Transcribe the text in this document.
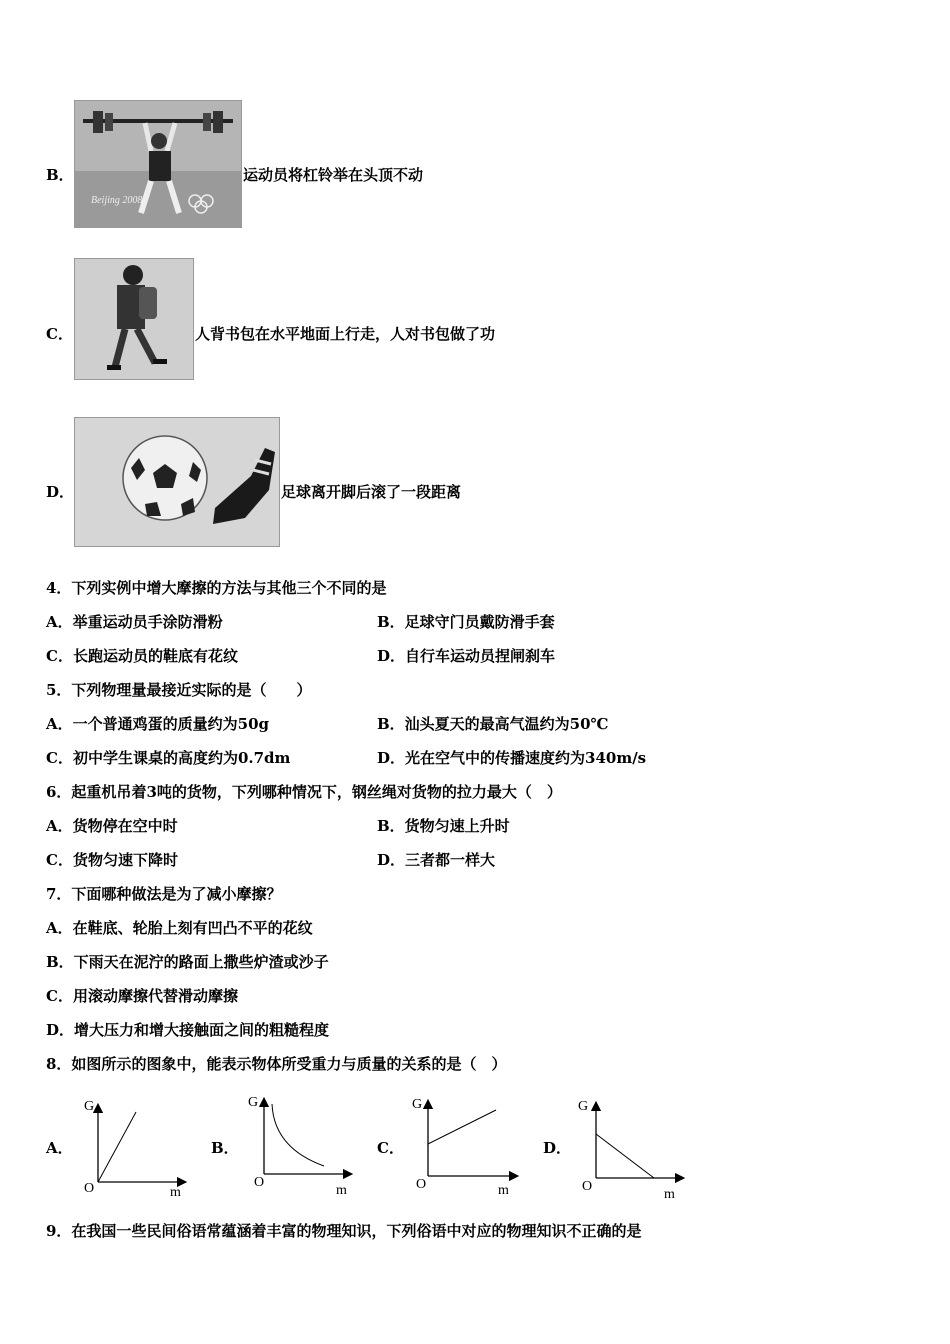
B．
Beijing 2008
运动员将杠铃举在头顶不动
C．	人背书包在水平地面上行走，人对书包做了功
D．	足球离开脚后滚了一段距离
4．下列实例中增大摩擦的方法与其他三个不同的是
A．举重运动员手涂防滑粉	B．足球守门员戴防滑手套
C．长跑运动员的鞋底有花纹	D．自行车运动员捏闸刹车
5．下列物理量最接近实际的是（　　）
A．一个普通鸡蛋的质量约为50g	B．汕头夏天的最高气温约为50℃
C．初中学生课桌的高度约为0.7dm	D．光在空气中的传播速度约为340m/s
6．起重机吊着3吨的货物，下列哪种情况下，钢丝绳对货物的拉力最大（　）
A．货物停在空中时	B．货物匀速上升时
C．货物匀速下降时	D．三者都一样大
7．下面哪种做法是为了减小摩擦？
A．在鞋底、轮胎上刻有凹凸不平的花纹
B．下雨天在泥泞的路面上撒些炉渣或沙子
C．用滚动摩擦代替滑动摩擦
D．增大压力和增大接触面之间的粗糙程度
8．如图所示的图象中，能表示物体所受重力与质量的关系的是（　）
A．
G
O	m
B．
G
O
m
C．
G
O	m
D．
G
O
m
9．在我国一些民间俗语常蕴涵着丰富的物理知识，下列俗语中对应的物理知识不正确的是
